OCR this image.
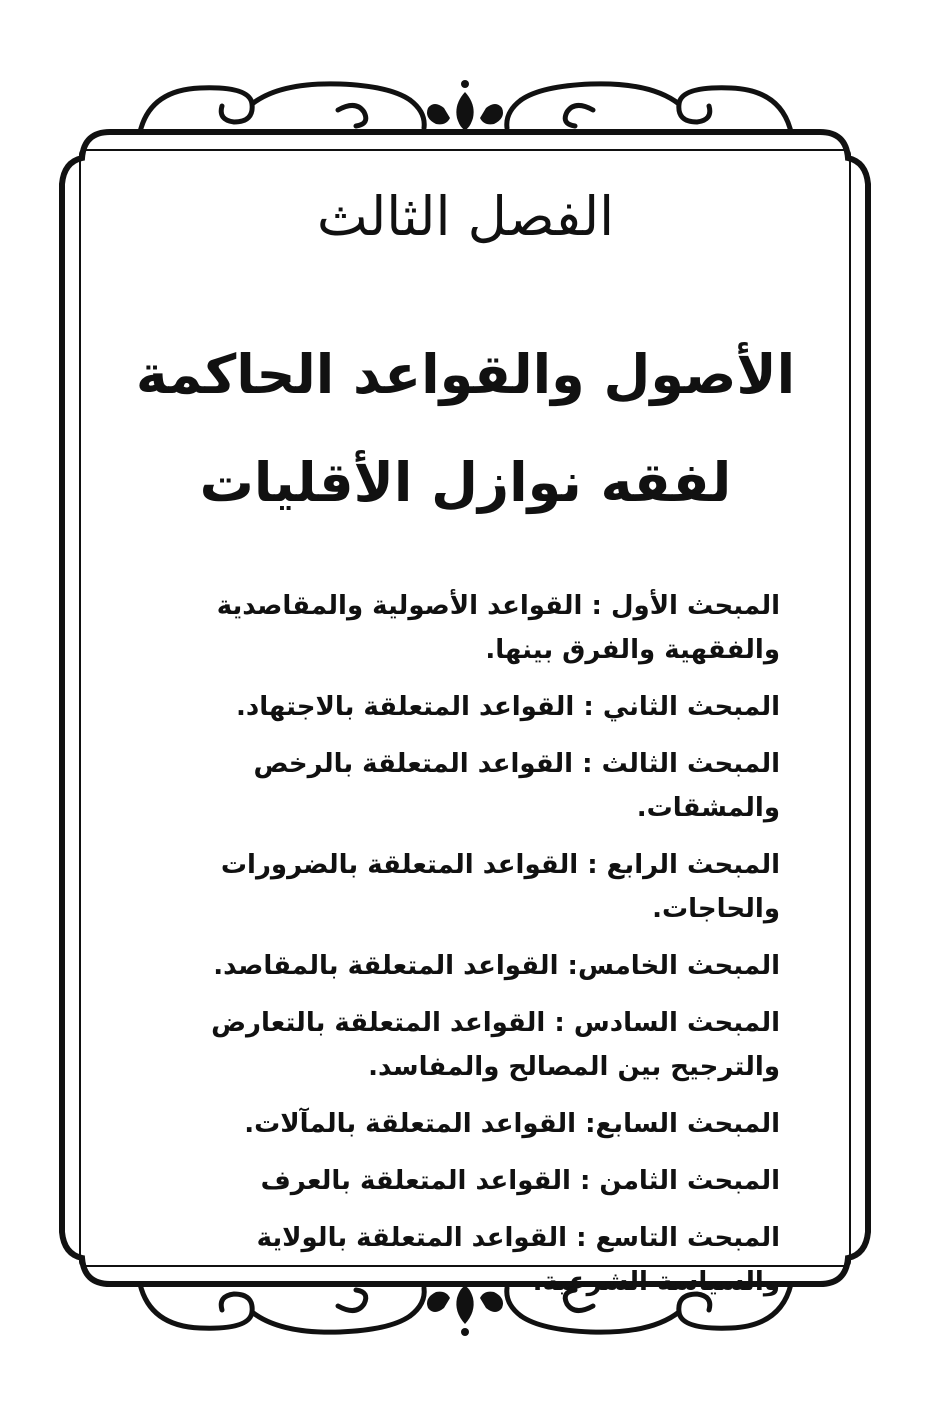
الفصل الثالث
الأصول والقواعد الحاكمة
لفقه نوازل الأقليات
المبحث الأول : القواعد الأصولية والمقاصدية والفقهية والفرق بينها.
المبحث الثاني : القواعد المتعلقة بالاجتهاد.
المبحث الثالث : القواعد المتعلقة بالرخص والمشقات.
المبحث الرابع : القواعد المتعلقة بالضرورات والحاجات.
المبحث الخامس: القواعد المتعلقة بالمقاصد.
المبحث السادس : القواعد المتعلقة بالتعارض والترجيح بين المصالح والمفاسد.
المبحث السابع: القواعد المتعلقة بالمآلات.
المبحث الثامن : القواعد المتعلقة بالعرف
المبحث التاسع : القواعد المتعلقة بالولاية والسياسة الشرعية.
